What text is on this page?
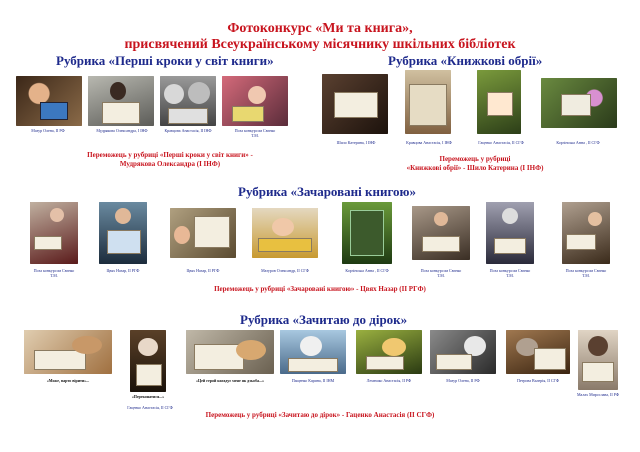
Фотоконкурс «Ми та книга»,
присвячений Всеукраїнському місячнику шкільних бібліотек
Рубрика «Перші кроки у світ книги»
Мазур Олена, ІІ РФ	Мудрякова Олександра, І ІНФ	Кравцова Анастасія, ІІ ІНФ	Поза конкурсом Свєнко Т.М.
Переможець у рубриці «Перші кроки у світ книги» -
Мудрякова Олександра (І ІНФ)
Рубрика «Книжкові обрії»
Шило Катерина, І ІНФ	Кравцова Анастасія, І ІНФ	Гаценко Анастасія, ІІ СГФ	Корзінська Анна , ІІ СГФ
Переможець у рубриці
«Книжкові обрії» - Шило Катерина (І ІНФ)
Рубрика «Зачаровані книгою»
Поза конкурсом Свєнко Т.М.
Цвях Назар, ІІ РГФ	Цвях Назар, ІІ РГФ	Мазуров Олександр, ІІ СГФ	Корзінська Анна , ІІ СГФ	Поза конкурсом Свєнко Т.М.
Поза конкурсом Свєнко Т.М.
Поза конкурсом Свєнко Т.М.
Переможець у рубриці «Зачаровані книгою» - Цвях Назар (ІІ РГФ)
Рубрика «Зачитаю до дірок»
«Може, варто вірити»...
«Переконатися...»
Гаценко Анастасія, ІІ СГФ
«Цей герой нагадує мене як дзьоба...»	Пащенко Карина, ІІ ІНМ	Лемешко Анастасія, ІІ РФ	Мазур Олена, ІІ РФ	Петрова Валерія, ІІ СГФ
Малах Мирослава, ІІ РФ
Переможець у рубриці «Зачитаю до дірок» - Гаценко Анастасія (ІІ СГФ)
